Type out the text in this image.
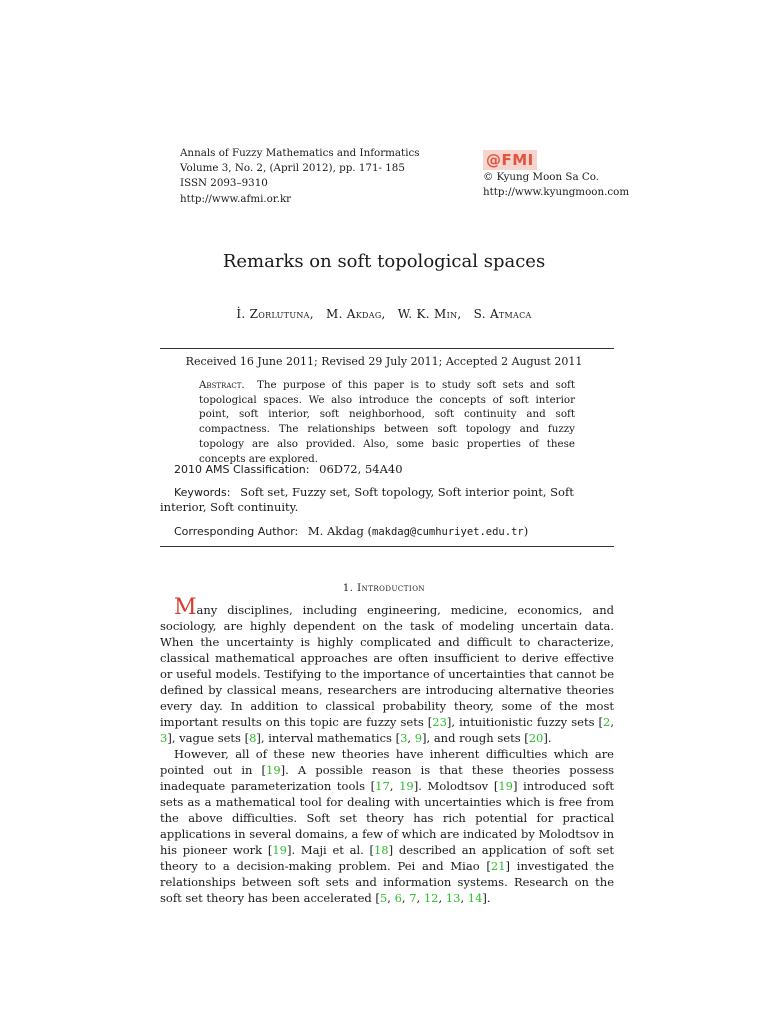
Annals of Fuzzy Mathematics and Informatics
Volume 3, No. 2, (April 2012), pp. 171- 185
ISSN 2093–9310
http://www.afmi.or.kr
@FMI
© Kyung Moon Sa Co.
http://www.kyungmoon.com
Remarks on soft topological spaces
İ. Zorlutuna, M. Akdag, W. K. Min, S. Atmaca
Received 16 June 2011; Revised 29 July 2011; Accepted 2 August 2011
Abstract. The purpose of this paper is to study soft sets and soft topological spaces. We also introduce the concepts of soft interior point, soft interior, soft neighborhood, soft continuity and soft compactness. The relationships between soft topology and fuzzy topology are also provided. Also, some basic properties of these concepts are explored.
2010 AMS Classification: 06D72, 54A40
Keywords: Soft set, Fuzzy set, Soft topology, Soft interior point, Soft interior, Soft continuity.
Corresponding Author: M. Akdag (makdag@cumhuriyet.edu.tr)
1. Introduction

Many disciplines, including engineering, medicine, economics, and sociology, are highly dependent on the task of modeling uncertain data. When the uncertainty is highly complicated and difficult to characterize, classical mathematical approaches are often insufficient to derive effective or useful models. Testifying to the importance of uncertainties that cannot be defined by classical means, researchers are introducing alternative theories every day. In addition to classical probability theory, some of the most important results on this topic are fuzzy sets [23], intuitionistic fuzzy sets [2, 3], vague sets [8], interval mathematics [3, 9], and rough sets [20].

However, all of these new theories have inherent difficulties which are pointed out in [19]. A possible reason is that these theories possess inadequate parameterization tools [17, 19]. Molodtsov [19] introduced soft sets as a mathematical tool for dealing with uncertainties which is free from the above difficulties. Soft set theory has rich potential for practical applications in several domains, a few of which are indicated by Molodtsov in his pioneer work [19]. Maji et al. [18] described an application of soft set theory to a decision-making problem. Pei and Miao [21] investigated the relationships between soft sets and information systems. Research on the soft set theory has been accelerated [5, 6, 7, 12, 13, 14].
